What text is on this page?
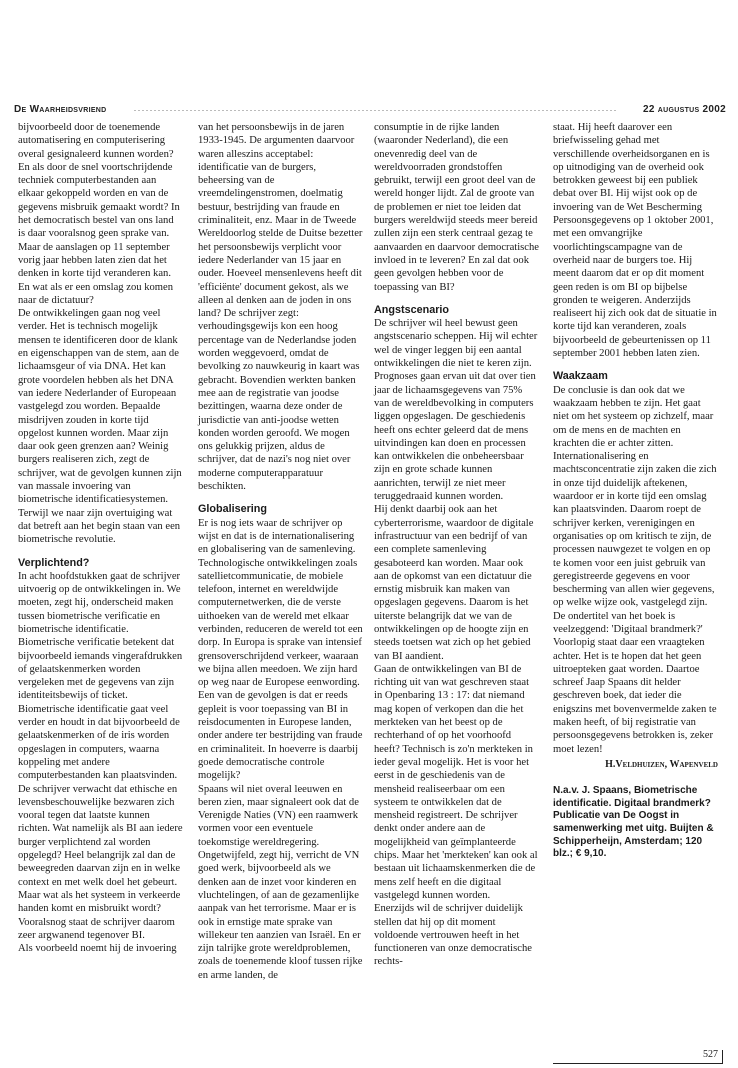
De Waarheidsvriend	22 augustus 2002

bijvoorbeeld door de toenemende automatisering en computerisering overal gesignaleerd kunnen worden? En als door de snel voortschrijdende techniek computerbestanden aan elkaar gekoppeld worden en van de gegevens misbruik gemaakt wordt? In het democratisch bestel van ons land is daar vooralsnog geen sprake van. Maar de aanslagen op 11 september vorig jaar hebben laten zien dat het denken in korte tijd veranderen kan. En wat als er een omslag zou komen naar de dictatuur?

De ontwikkelingen gaan nog veel verder. Het is technisch mogelijk mensen te identificeren door de klank en eigenschappen van de stem, aan de lichaamsgeur of via DNA. Het kan grote voordelen hebben als het DNA van iedere Nederlander of Europeaan vastgelegd zou worden. Bepaalde misdrijven zouden in korte tijd opgelost kunnen worden. Maar zijn daar ook geen grenzen aan? Weinig burgers realiseren zich, zegt de schrijver, wat de gevolgen kunnen zijn van massale invoering van biometrische identificatiesystemen. Terwijl we naar zijn overtuiging wat dat betreft aan het begin staan van een biometrische revolutie.

Verplichtend?

In acht hoofdstukken gaat de schrijver uitvoerig op de ontwikkelingen in. We moeten, zegt hij, onderscheid maken tussen biometrische verificatie en biometrische identificatie. Biometrische verificatie betekent dat bijvoorbeeld iemands vingerafdrukken of gelaatskenmerken worden vergeleken met de gegevens van zijn identiteitsbewijs of ticket. Biometrische identificatie gaat veel verder en houdt in dat bijvoorbeeld de gelaatskenmerken of de iris worden opgeslagen in computers, waarna koppeling met andere computerbestanden kan plaatsvinden. De schrijver verwacht dat ethische en levensbeschouwelijke bezwaren zich vooral tegen dat laatste kunnen richten. Wat namelijk als BI aan iedere burger verplichtend zal worden opgelegd? Heel belangrijk zal dan de beweegreden daarvan zijn en in welke context en met welk doel het gebeurt. Maar wat als het systeem in verkeerde handen komt en misbruikt wordt? Vooralsnog staat de schrijver daarom zeer argwanend tegenover BI.

Als voorbeeld noemt hij de invoering

van het persoonsbewijs in de jaren 1933-1945. De argumenten daarvoor waren alleszins acceptabel: identificatie van de burgers, beheersing van de vreemdelingenstromen, doelmatig bestuur, bestrijding van fraude en criminaliteit, enz. Maar in de Tweede Wereldoorlog stelde de Duitse bezetter het persoonsbewijs verplicht voor iedere Nederlander van 15 jaar en ouder. Hoeveel mensenlevens heeft dit 'efficiënte' document gekost, als we alleen al denken aan de joden in ons land? De schrijver zegt: verhoudingsgewijs kon een hoog percentage van de Nederlandse joden worden weggevoerd, omdat de bevolking zo nauwkeurig in kaart was gebracht. Bovendien werkten banken mee aan de registratie van joodse bezittingen, waarna deze onder de jurisdictie van anti-joodse wetten konden worden geroofd. We mogen ons gelukkig prijzen, aldus de schrijver, dat de nazi's nog niet over moderne computerapparatuur beschikten.

Globalisering

Er is nog iets waar de schrijver op wijst en dat is de internationalisering en globalisering van de samenleving. Technologische ontwikkelingen zoals satellietcommunicatie, de mobiele telefoon, internet en wereldwijde computernetwerken, die de verste uithoeken van de wereld met elkaar verbinden, reduceren de wereld tot een dorp. In Europa is sprake van intensief grensoverschrijdend verkeer, waaraan we bijna allen meedoen. We zijn hard op weg naar de Europese eenwording. Een van de gevolgen is dat er reeds gepleit is voor toepassing van BI in reisdocumenten in Europese landen, onder andere ter bestrijding van fraude en criminaliteit. In hoeverre is daarbij goede democratische controle mogelijk?

Spaans wil niet overal leeuwen en beren zien, maar signaleert ook dat de Verenigde Naties (VN) een raamwerk vormen voor een eventuele toekomstige wereldregering. Ongetwijfeld, zegt hij, verricht de VN goed werk, bijvoorbeeld als we denken aan de inzet voor kinderen en vluchtelingen, of aan de gezamenlijke aanpak van het terrorisme. Maar er is ook in ernstige mate sprake van willekeur ten aanzien van Israël. En er zijn talrijke grote wereldproblemen, zoals de toenemende kloof tussen rijke en arme landen, de

consumptie in de rijke landen (waaronder Nederland), die een onevenredig deel van de wereldvoorraden grondstoffen gebruikt, terwijl een groot deel van de wereld honger lijdt. Zal de groote van de problemen er niet toe leiden dat burgers wereldwijd steeds meer bereid zullen zijn een sterk centraal gezag te aanvaarden en daarvoor democratische invloed in te leveren? En zal dat ook geen gevolgen hebben voor de toepassing van BI?

Angstscenario

De schrijver wil heel bewust geen angstscenario scheppen. Hij wil echter wel de vinger leggen bij een aantal ontwikkelingen die niet te keren zijn. Prognoses gaan ervan uit dat over tien jaar de lichaamsgegevens van 75% van de wereldbevolking in computers liggen opgeslagen. De geschiedenis heeft ons echter geleerd dat de mens uitvindingen kan doen en processen kan ontwikkelen die onbeheersbaar zijn en grote schade kunnen aanrichten, terwijl ze niet meer teruggedraaid kunnen worden.

Hij denkt daarbij ook aan het cyberterrorisme, waardoor de digitale infrastructuur van een bedrijf of van een complete samenleving gesaboteerd kan worden. Maar ook aan de opkomst van een dictatuur die ernstig misbruik kan maken van opgeslagen gegevens. Daarom is het uiterste belangrijk dat we van de ontwikkelingen op de hoogte zijn en steeds toetsen wat zich op het gebied van BI aandient.

Gaan de ontwikkelingen van BI de richting uit van wat geschreven staat in Openbaring 13 : 17: dat niemand mag kopen of verkopen dan die het merkteken van het beest op de rechterhand of op het voorhoofd heeft? Technisch is zo'n merkteken in ieder geval mogelijk. Het is voor het eerst in de geschiedenis van de mensheid realiseerbaar om een systeem te ontwikkelen dat de mensheid registreert. De schrijver denkt onder andere aan de mogelijkheid van geïmplanteerde chips. Maar het 'merkteken' kan ook al bestaan uit lichaamskenmerken die de mens zelf heeft en die digitaal vastgelegd kunnen worden.

Enerzijds wil de schrijver duidelijk stellen dat hij op dit moment voldoende vertrouwen heeft in het functioneren van onze democratische rechts-

staat. Hij heeft daarover een briefwisseling gehad met verschillende overheidsorganen en is op uitnodiging van de overheid ook betrokken geweest bij een publiek debat over BI. Hij wijst ook op de invoering van de Wet Bescherming Persoonsgegevens op 1 oktober 2001, met een omvangrijke voorlichtingscampagne van de overheid naar de burgers toe. Hij meent daarom dat er op dit moment geen reden is om BI op bijbelse gronden te weigeren. Anderzijds realiseert hij zich ook dat de situatie in korte tijd kan veranderen, zoals bijvoorbeeld de gebeurtenissen op 11 september 2001 hebben laten zien.

Waakzaam

De conclusie is dan ook dat we waakzaam hebben te zijn. Het gaat niet om het systeem op zichzelf, maar om de mens en de machten en krachten die er achter zitten. Internationalisering en machtsconcentratie zijn zaken die zich in onze tijd duidelijk aftekenen, waardoor er in korte tijd een omslag kan plaatsvinden. Daarom roept de schrijver kerken, verenigingen en organisaties op om kritisch te zijn, de processen nauwgezet te volgen en op te komen voor een juist gebruik van geregistreerde gegevens en voor bescherming van allen wier gegevens, op welke wijze ook, vastgelegd zijn.

De ondertitel van het boek is veelzeggend: 'Digitaal brandmerk?' Voorlopig staat daar een vraagteken achter. Het is te hopen dat het geen uitroepteken gaat worden. Daartoe schreef Jaap Spaans dit helder geschreven boek, dat ieder die enigszins met bovenvermelde zaken te maken heeft, of bij registratie van persoonsgegevens betrokken is, zeker moet lezen!

H.Veldhuizen, Wapenveld
N.a.v. J. Spaans, Biometrische identificatie. Digitaal brandmerk? Publicatie van De Oogst in samenwerking met uitg. Buijten & Schipperheijn, Amsterdam; 120 blz.; € 9,10.
527
